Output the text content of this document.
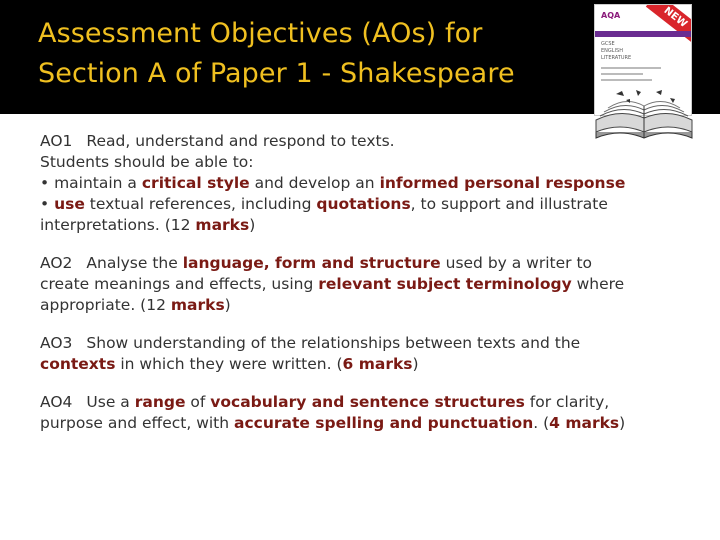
Assessment Objectives (AOs) for
Section A of Paper 1 - Shakespeare
AQA	NEW
GCSE
ENGLISH
LITERATURE
AO1 Read, understand and respond to texts.
Students should be able to:
• maintain a critical style and develop an informed personal response
• use textual references, including quotations, to support and illustrate
interpretations. (12 marks)
AO2 Analyse the language, form and structure used by a writer to
create meanings and effects, using relevant subject terminology where
appropriate. (12 marks)
AO3 Show understanding of the relationships between texts and the
contexts in which they were written. (6 marks)
AO4 Use a range of vocabulary and sentence structures for clarity,
purpose and effect, with accurate spelling and punctuation. (4 marks)
